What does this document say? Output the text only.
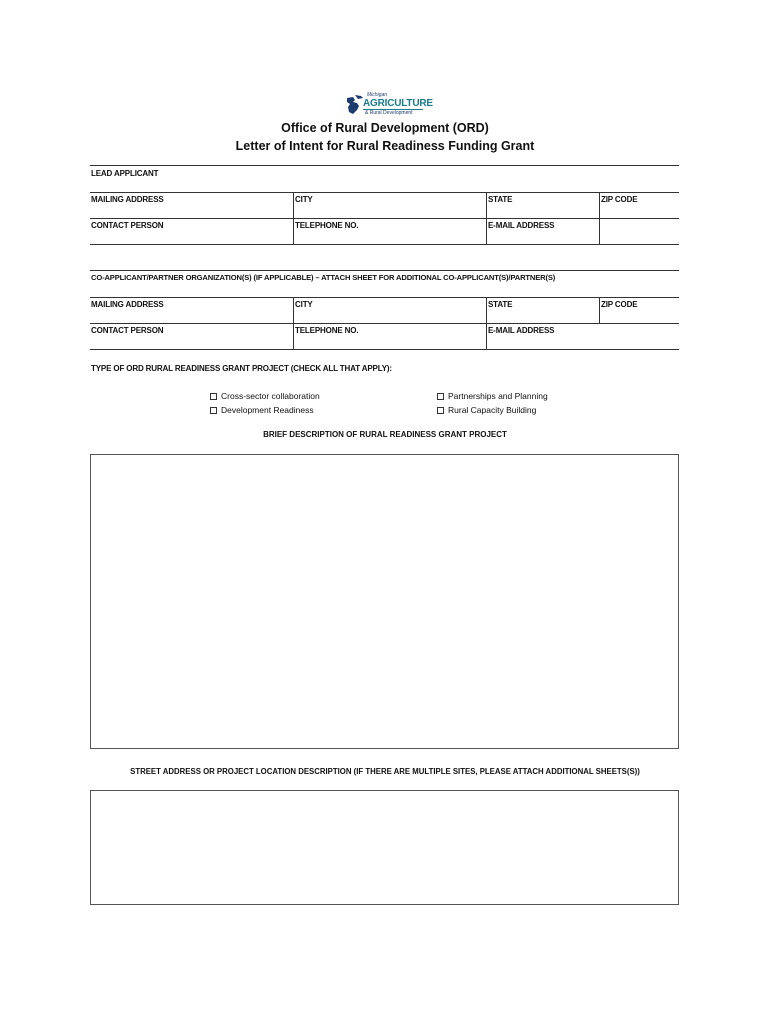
Michigan
AGRICULTURE
& Rural Development
Office of Rural Development (ORD)
Letter of Intent for Rural Readiness Funding Grant
LEAD APPLICANT
MAILING ADDRESS	CITY	STATE	ZIP CODE
CONTACT PERSON	TELEPHONE NO.	E-MAIL ADDRESS
CO-APPLICANT/PARTNER ORGANIZATION(S) (IF APPLICABLE) – ATTACH SHEET FOR ADDITIONAL CO-APPLICANT(S)/PARTNER(S)
MAILING ADDRESS	CITY	STATE	ZIP CODE
CONTACT PERSON	TELEPHONE NO.	E-MAIL ADDRESS
TYPE OF ORD RURAL READINESS GRANT PROJECT (CHECK ALL THAT APPLY):
Cross-sector collaboration
Development Readiness
Partnerships and Planning
Rural Capacity Building
BRIEF DESCRIPTION OF RURAL READINESS GRANT PROJECT
STREET ADDRESS OR PROJECT LOCATION DESCRIPTION (IF THERE ARE MULTIPLE SITES, PLEASE ATTACH ADDITIONAL SHEETS(S))
